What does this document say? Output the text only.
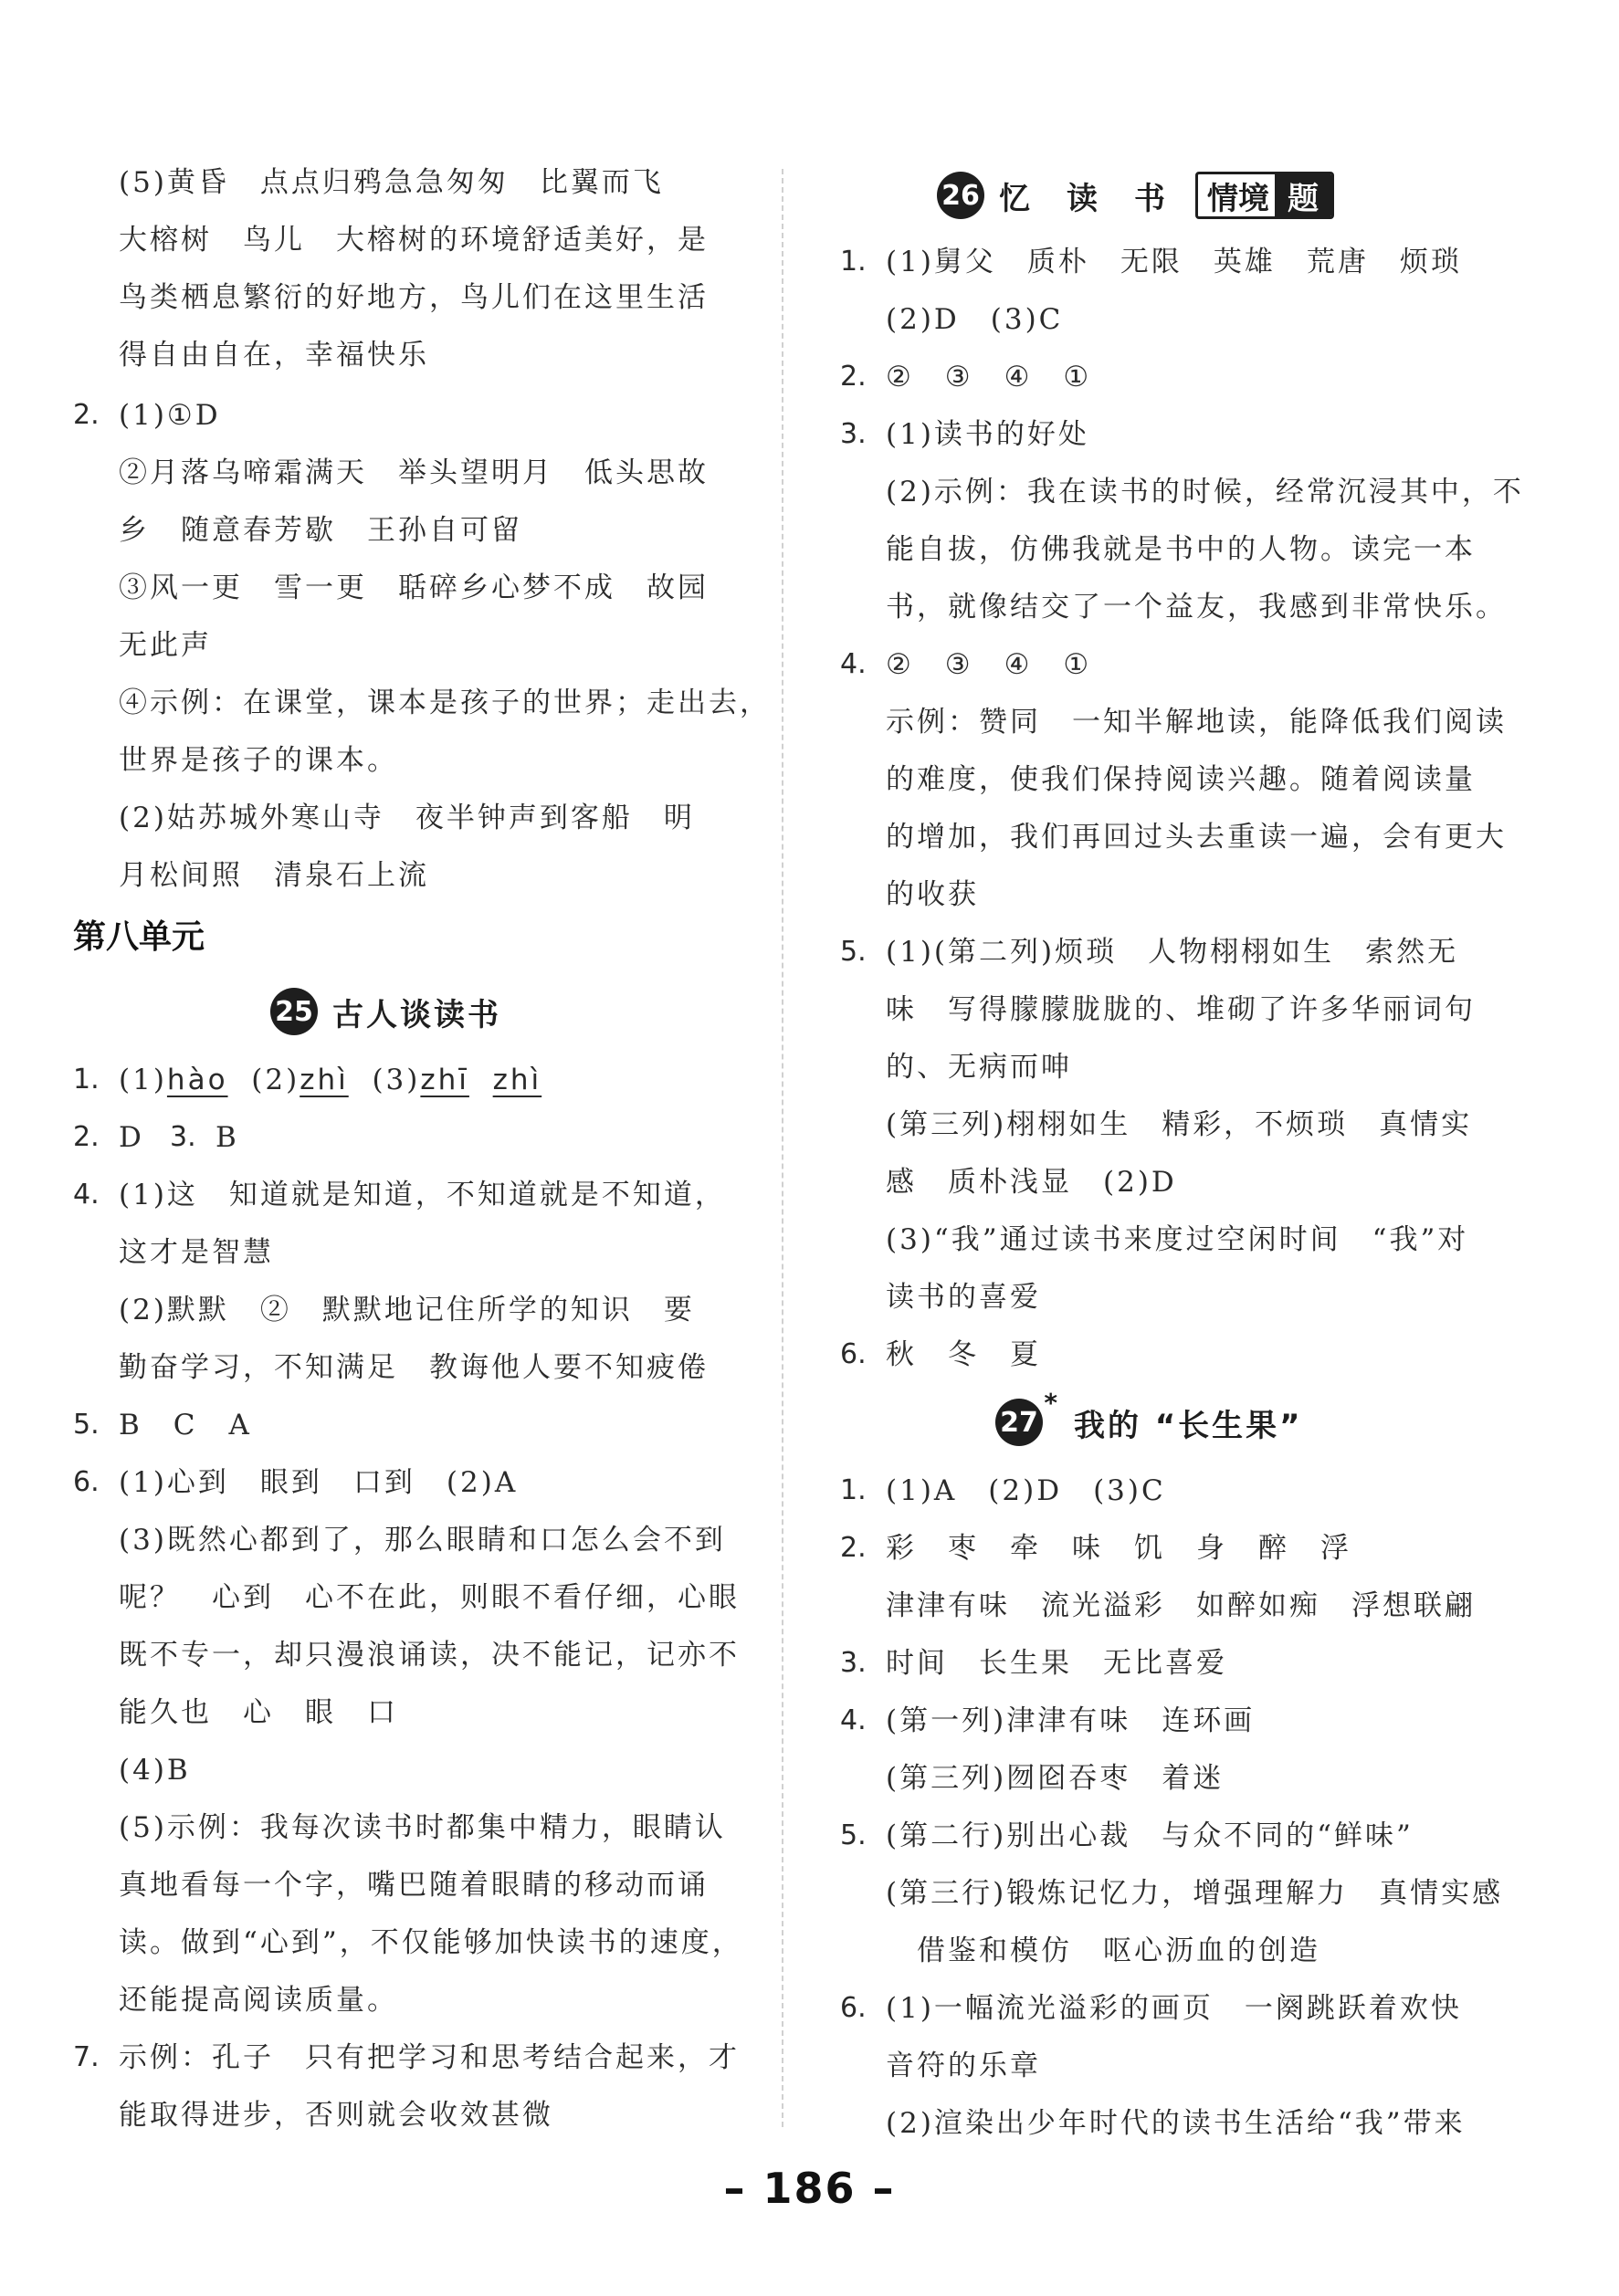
(5)黄昏　点点归鸦急急匆匆　比翼而飞
大榕树　鸟儿　大榕树的环境舒适美好，是
鸟类栖息繁衍的好地方，鸟儿们在这里生活
得自由自在，幸福快乐
2. (1)①D
②月落乌啼霜满天　举头望明月　低头思故
乡　随意春芳歇　王孙自可留
③风一更　雪一更　聒碎乡心梦不成　故园
无此声
④示例：在课堂，课本是孩子的世界；走出去，
世界是孩子的课本。
(2)姑苏城外寒山寺　夜半钟声到客船　明
月松间照　清泉石上流
第八单元
25 古人谈读书
1. (1)hào (2)zhì (3)zhī zhì
2. D 3. B
4. (1)这　知道就是知道，不知道就是不知道，
这才是智慧
(2)默默　②　默默地记住所学的知识　要
勤奋学习，不知满足　教诲他人要不知疲倦
5. B　C　A
6. (1)心到　眼到　口到　(2)A
(3)既然心都到了，那么眼睛和口怎么会不到
呢？　心到　心不在此，则眼不看仔细，心眼
既不专一，却只漫浪诵读，决不能记，记亦不
能久也　心　眼　口
(4)B
(5)示例：我每次读书时都集中精力，眼睛认
真地看每一个字，嘴巴随着眼睛的移动而诵
读。做到“心到”，不仅能够加快读书的速度，
还能提高阅读质量。
7. 示例：孔子　只有把学习和思考结合起来，才
能取得进步，否则就会收效甚微
26 忆　读　书 情境 题
1. (1)舅父　质朴　无限　英雄　荒唐　烦琐
(2)D　(3)C
2. ②　③　④　①
3. (1)读书的好处
(2)示例：我在读书的时候，经常沉浸其中，不
能自拔，仿佛我就是书中的人物。读完一本
书，就像结交了一个益友，我感到非常快乐。
4. ②　③　④　①
示例：赞同　一知半解地读，能降低我们阅读
的难度，使我们保持阅读兴趣。随着阅读量
的增加，我们再回过头去重读一遍，会有更大
的收获
5. (1)(第二列)烦琐　人物栩栩如生　索然无
味　写得朦朦胧胧的、堆砌了许多华丽词句
的、无病而呻
(第三列)栩栩如生　精彩，不烦琐　真情实
感　质朴浅显　(2)D
(3)“我”通过读书来度过空闲时间　“我”对
读书的喜爱
6. 秋　冬　夏
27
*
我的 “长生果”
1. (1)A　(2)D　(3)C
2. 彩　枣　牵　味　饥　身　醉　浮
津津有味　流光溢彩　如醉如痴　浮想联翩
3. 时间　长生果　无比喜爱
4. (第一列)津津有味　连环画
(第三列)囫囵吞枣　着迷
5. (第二行)别出心裁　与众不同的“鲜味”
(第三行)锻炼记忆力，增强理解力　真情实感
　借鉴和模仿　呕心沥血的创造
6. (1)一幅流光溢彩的画页　一阕跳跃着欢快
音符的乐章
(2)渲染出少年时代的读书生活给“我”带来
– 186 –
